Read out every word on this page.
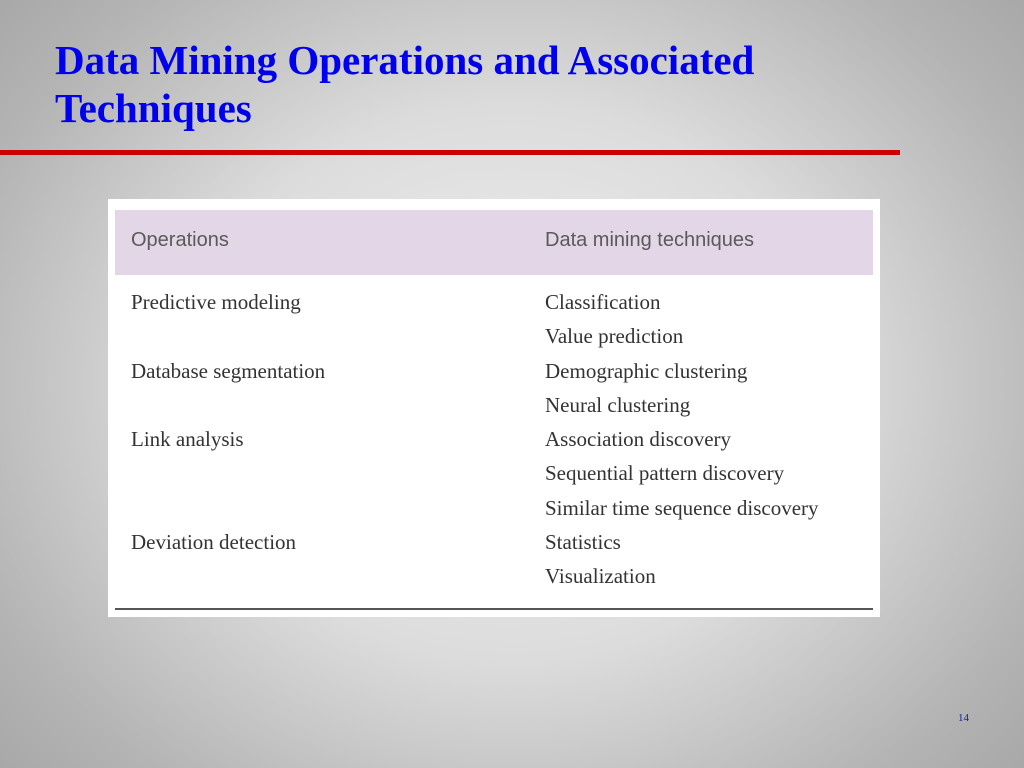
Data Mining Operations and Associated Techniques
Operations	Data mining techniques
Predictive modeling	Classification
Value prediction
Database segmentation	Demographic clustering
Neural clustering
Link analysis	Association discovery
Sequential pattern discovery
Similar time sequence discovery
Deviation detection	Statistics
Visualization
14
